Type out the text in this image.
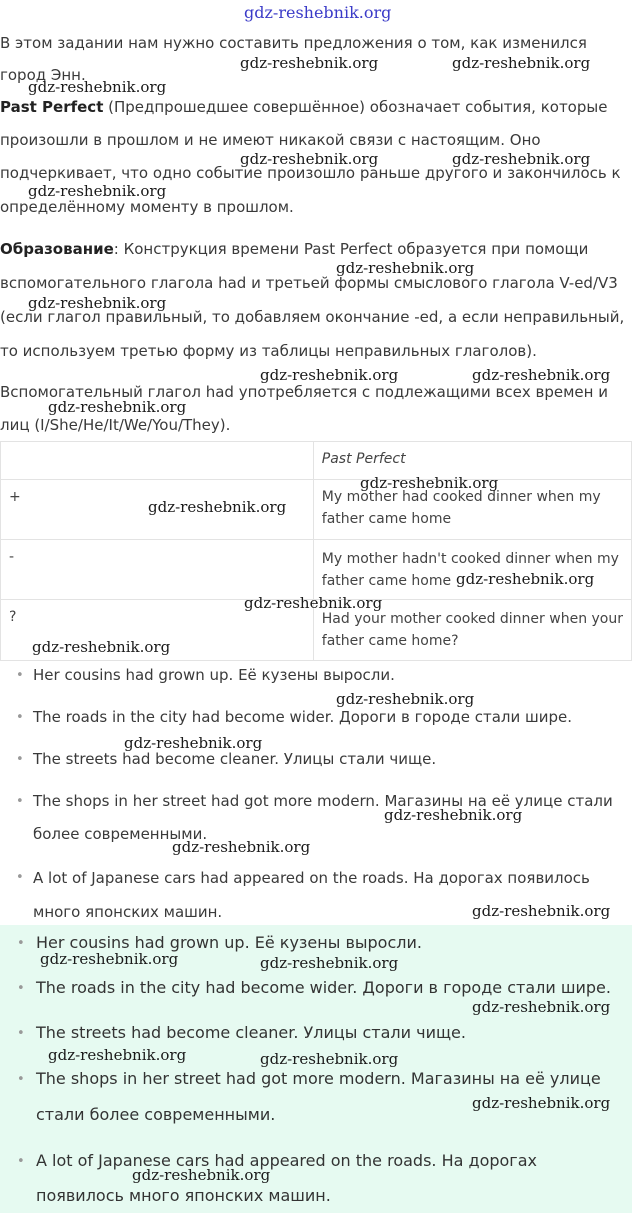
gdz-reshebnik.org
В этом задании нам нужно составить предложения о том, как изменился
город Энн.
Past Perfect (Предпрошедшее совершённое) обозначает события, которые
произошли в прошлом и не имеют никакой связи с настоящим. Оно
подчеркивает, что одно событие произошло раньше другого и закончилось к
определённому моменту в прошлом.
Образование: Конструкция времени Past Perfect образуется при помощи
вспомогательного глагола had и третьей формы смыслового глагола V-ed/V3
(если глагол правильный, то добавляем окончание -ed, а если неправильный,
то используем третью форму из таблицы неправильных глаголов).
Вспомогательный глагол had употребляется с подлежащими всех времен и
лиц (I/She/He/It/We/You/They).
	Past Perfect
+	My mother had cooked dinner when my
father came home

-	My mother hadn't cooked dinner when my
father came home

?	Had your mother cooked dinner when your
father came home?
• Her cousins had grown up. Её кузены выросли.
• The roads in the city had become wider. Дороги в городе стали шире.
• The streets had become cleaner. Улицы стали чище.
• The shops in her street had got more modern. Магазины на её улице стали
более современными.
• A lot of Japanese cars had appeared on the roads. На дорогах появилось
много японских машин.
• Her cousins had grown up. Её кузены выросли.
• The roads in the city had become wider. Дороги в городе стали шире.
• The streets had become cleaner. Улицы стали чище.
• The shops in her street had got more modern. Магазины на её улице
стали более современными.
• A lot of Japanese cars had appeared on the roads. На дорогах
появилось много японских машин.
gdz-reshebnik.org
gdz-reshebnik.org	gdz-reshebnik.org
gdz-reshebnik.org	gdz-reshebnik.org
gdz-reshebnik.org
gdz-reshebnik.org
gdz-reshebnik.org
gdz-reshebnik.org	gdz-reshebnik.org
gdz-reshebnik.org
gdz-reshebnik.org
gdz-reshebnik.org
gdz-reshebnik.org
gdz-reshebnik.org
gdz-reshebnik.org
gdz-reshebnik.org
gdz-reshebnik.org
gdz-reshebnik.org
gdz-reshebnik.org
gdz-reshebnik.org
gdz-reshebnik.org	gdz-reshebnik.org
gdz-reshebnik.org
gdz-reshebnik.org	gdz-reshebnik.org
gdz-reshebnik.org
gdz-reshebnik.org
